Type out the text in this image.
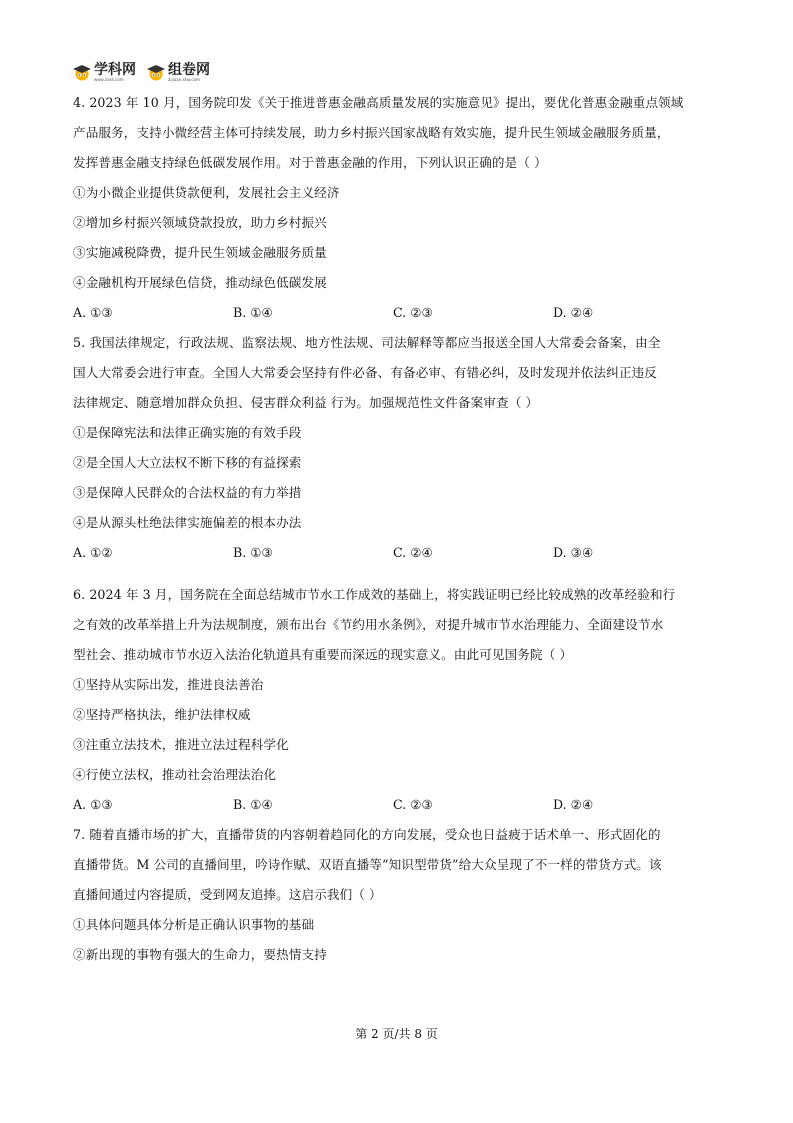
学科网
www.zxxk.com
组卷网
zujuan.xkw.com
4. 2023 年 10 月，国务院印发《关于推进普惠金融高质量发展的实施意见》提出，要优化普惠金融重点领域
产品服务，支持小微经营主体可持续发展，助力乡村振兴国家战略有效实施，提升民生领域金融服务质量，
发挥普惠金融支持绿色低碳发展作用。对于普惠金融的作用，下列认识正确的是（ ）
①为小微企业提供贷款便利，发展社会主义经济
②增加乡村振兴领域贷款投放，助力乡村振兴
③实施减税降费，提升民生领域金融服务质量
④金融机构开展绿色信贷，推动绿色低碳发展
A. ①③	B. ①④	C. ②③	D. ②④
5. 我国法律规定，行政法规、监察法规、地方性法规、司法解释等都应当报送全国人大常委会备案，由全
国人大常委会进行审查。全国人大常委会坚持有件必备、有备必审、有错必纠，及时发现并依法纠正违反
法律规定、随意增加群众负担、侵害群众利益 行为。加强规范性文件备案审查（ ）
①是保障宪法和法律正确实施的有效手段
②是全国人大立法权不断下移的有益探索
③是保障人民群众的合法权益的有力举措
④是从源头杜绝法律实施偏差的根本办法
A. ①②	B. ①③	C. ②④	D. ③④
6. 2024 年 3 月，国务院在全面总结城市节水工作成效的基础上，将实践证明已经比较成熟的改革经验和行
之有效的改革举措上升为法规制度，颁布出台《节约用水条例》，对提升城市节水治理能力、全面建设节水
型社会、推动城市节水迈入法治化轨道具有重要而深远的现实意义。由此可见国务院（ ）
①坚持从实际出发，推进良法善治
②坚持严格执法，维护法律权威
③注重立法技术，推进立法过程科学化
④行使立法权，推动社会治理法治化
A. ①③	B. ①④	C. ②③	D. ②④
7. 随着直播市场的扩大，直播带货的内容朝着趋同化的方向发展，受众也日益疲于话术单一、形式固化的
直播带货。M 公司的直播间里，吟诗作赋、双语直播等“知识型带货”给大众呈现了不一样的带货方式。该
直播间通过内容提质，受到网友追捧。这启示我们（ ）
①具体问题具体分析是正确认识事物的基础
②新出现的事物有强大的生命力，要热情支持
第 2 页/共 8 页
